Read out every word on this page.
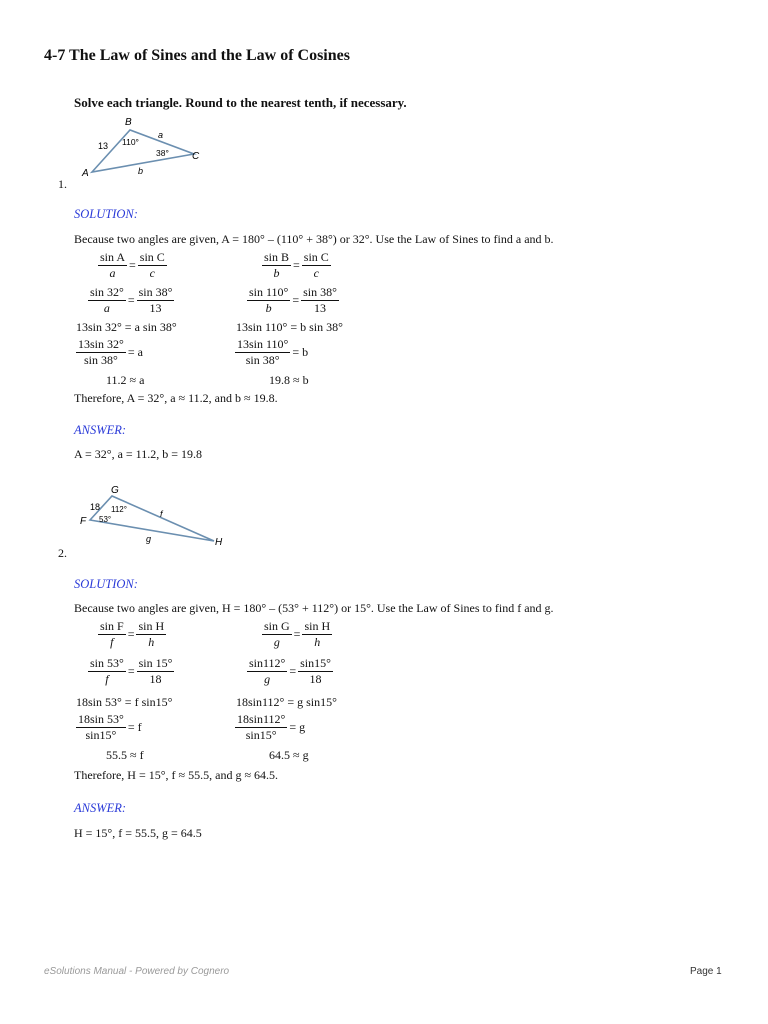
4-7 The Law of Sines and the Law of Cosines
Solve each triangle. Round to the nearest tenth, if necessary.
A
B
C
13
a
b
110°
38°
1.
SOLUTION:
Because two angles are given, A = 180° – (110° + 38°) or 32°. Use the Law of Sines to find a and b.
$\frac{\text{sin A}}{a} = \frac{\text{sin C}}{c}$
$\frac{\sin 32^\circ}{a} = \frac{\sin 38^\circ}{13}$
13sin 32° = a sin 38°
$\frac{13\sin 32^\circ}{\sin 38^\circ} = a$
11.2 ≈ a
$\frac{\text{sin B}}{b} = \frac{\text{sin C}}{c}$
$\frac{\sin 110^\circ}{b} = \frac{\sin 38^\circ}{13}$
13sin 110° = b sin 38°
$\frac{13\sin 110^\circ}{\sin 38^\circ} = b$
19.8 ≈ b
Therefore, A = 32°, a ≈ 11.2, and b ≈ 19.8.
ANSWER:
A = 32°, a = 11.2, b = 19.8
F
G
H
18
f
g
112°
53°
2.
SOLUTION:
Because two angles are given, H = 180° – (53° + 112°) or 15°. Use the Law of Sines to find f and g.
$\frac{\text{sin F}}{f} = \frac{\text{sin H}}{h}$
$\frac{\sin 53^\circ}{f} = \frac{\sin 15^\circ}{18}$
18sin 53° = f sin15°
$\frac{18\sin 53^\circ}{\sin 15^\circ} = f$
55.5 ≈ f
$\frac{\text{sin G}}{g} = \frac{\text{sin H}}{h}$
$\frac{\sin 112^\circ}{g} = \frac{\sin 15^\circ}{18}$
18sin112° = g sin15°
$\frac{18\sin 112^\circ}{\sin 15^\circ} = g$
64.5 ≈ g
Therefore, H = 15°, f ≈ 55.5, and g ≈ 64.5.
ANSWER:
H = 15°, f = 55.5, g = 64.5
eSolutions Manual - Powered by Cognero	Page 1
